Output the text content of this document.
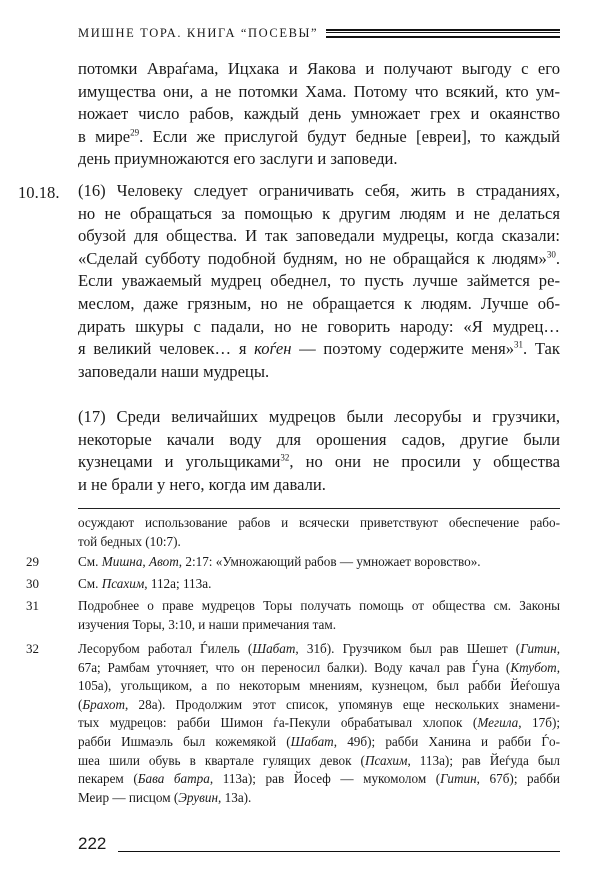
МИШНЕ ТОРА. КНИГА “ПОСЕВЫ”
потомки Авраѓама, Ицхака и Яакова и получают выгоду с его
имущества они, а не потомки Хама. Потому что всякий, кто ум-
ножает число рабов, каждый день умножает грех и окаянство
в мире$^{29}$. Если же прислугой будут бедные [евреи], то каждый
день приумножаются его заслуги и заповеди.
10.18. (16) Человеку следует ограничивать себя, жить в страданиях,
но не обращаться за помощью к другим людям и не делаться
обузой для общества. И так заповедали мудрецы, когда сказали:
«Сделай субботу подобной будням, но не обращайся к людям»$^{30}$.
Если уважаемый мудрец обеднел, то пусть лучше займется ре-
меслом, даже грязным, но не обращается к людям. Лучше об-
дирать шкуры с падали, но не говорить народу: «Я мудрец…
я великий человек… я коѓен — поэтому содержите меня»$^{31}$. Так
заповедали наши мудрецы.
(17) Среди величайших мудрецов были лесорубы и грузчики,
некоторые качали воду для орошения садов, другие были
кузнецами и угольщиками$^{32}$, но они не просили у общества
и не брали у него, когда им давали.
осуждают использование рабов и всячески приветствуют обеспечение рабо-
той бедных (10:7).
29	См. Мишна, Авот, 2:17: «Умножающий рабов — умножает воровство».
30	См. Псахим, 112а; 113а.
31	Подробнее о праве мудрецов Торы получать помощь от общества см. Законы
изучения Торы, 3:10, и наши примечания там.
32	Лесорубом работал Ѓилель (Шабат, 31б). Грузчиком был рав Шешет (Гитин,
67а; Рамбам уточняет, что он переносил балки). Воду качал рав Ѓуна (Ктубот,
105а), угольщиком, а по некоторым мнениям, кузнецом, был рабби Йеѓошуа
(Брахот, 28а). Продолжим этот список, упомянув еще нескольких знамени-
тых мудрецов: рабби Шимон ѓа-Пекули обрабатывал хлопок (Мегила, 17б);
рабби Ишмаэль был кожемякой (Шабат, 49б); рабби Ханина и рабби Ѓо-
шеа шили обувь в квартале гулящих девок (Псахим, 113а); рав Йеѓуда был
пекарем (Бава батра, 113а); рав Йосеф — мукомолом (Гитин, 67б); рабби
Меир — писцом (Эрувин, 13а).
222
